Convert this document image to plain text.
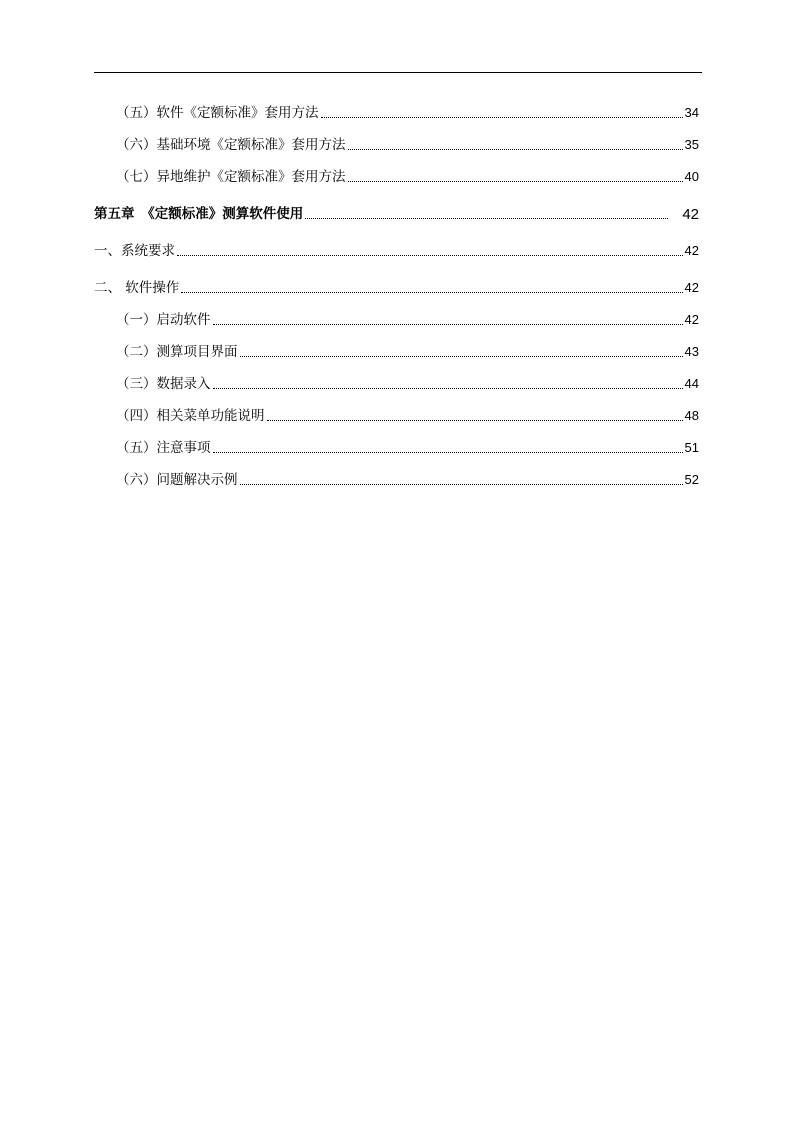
（五）软件《定额标准》套用方法	34
（六）基础环境《定额标准》套用方法	35
（七）异地维护《定额标准》套用方法	40
第五章　《定额标准》测算软件使用	42
一、系统要求	42
二、 软件操作	42
（一）启动软件	42
（二）测算项目界面	43
（三）数据录入	44
（四）相关菜单功能说明	48
（五）注意事项	51
（六）问题解决示例	52
